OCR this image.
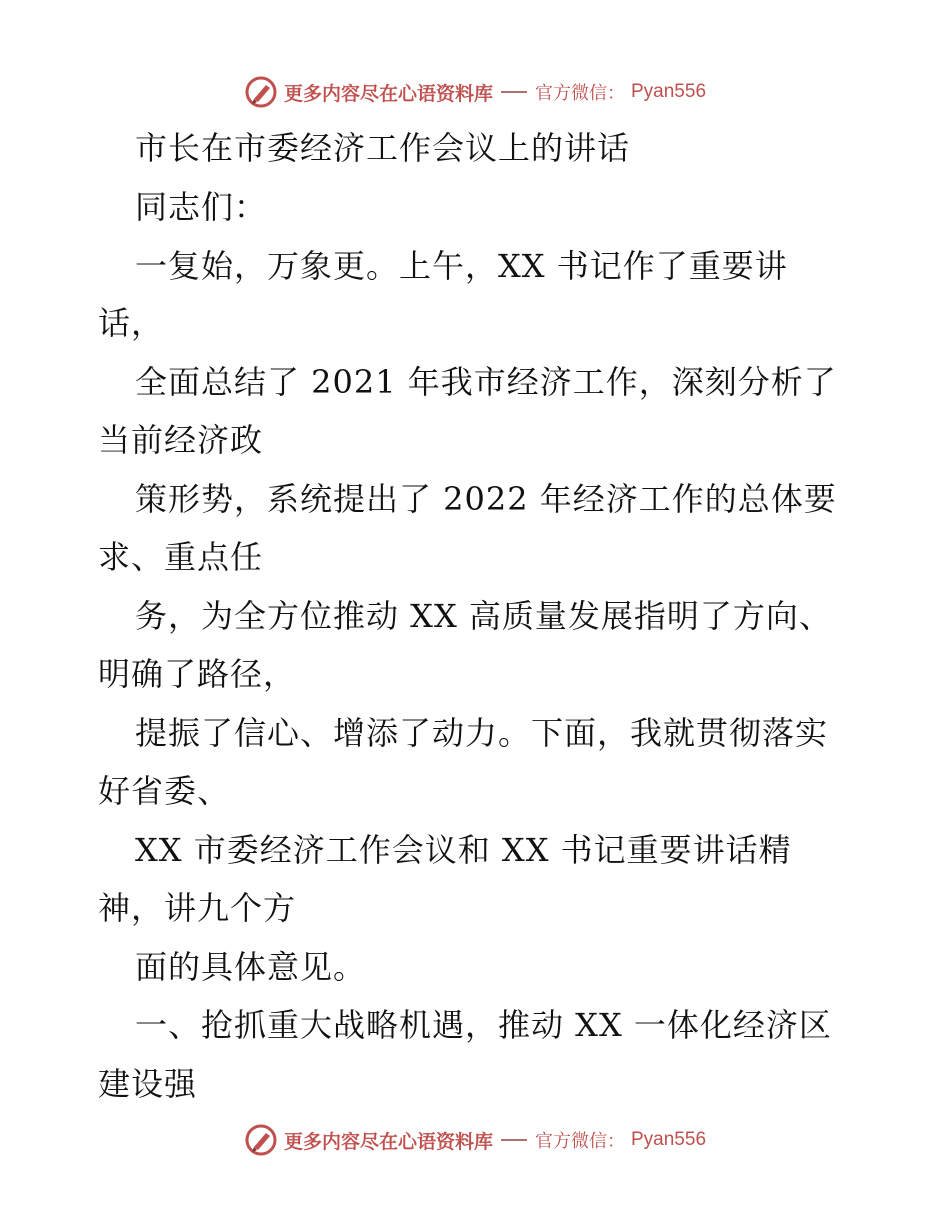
更多内容尽在心语资料库 官方微信： Pyan556
市长在市委经济工作会议上的讲话
同志们：
一复始，万象更。上午，XX 书记作了重要讲
话，
全面总结了 2021 年我市经济工作，深刻分析了
当前经济政
策形势，系统提出了 2022 年经济工作的总体要
求、重点任
务，为全方位推动 XX 高质量发展指明了方向、
明确了路径，
提振了信心、增添了动力。下面，我就贯彻落实
好省委、
XX 市委经济工作会议和 XX 书记重要讲话精
神，讲九个方
面的具体意见。
一、抢抓重大战略机遇，推动 XX 一体化经济区
建设强
更多内容尽在心语资料库 官方微信： Pyan556
